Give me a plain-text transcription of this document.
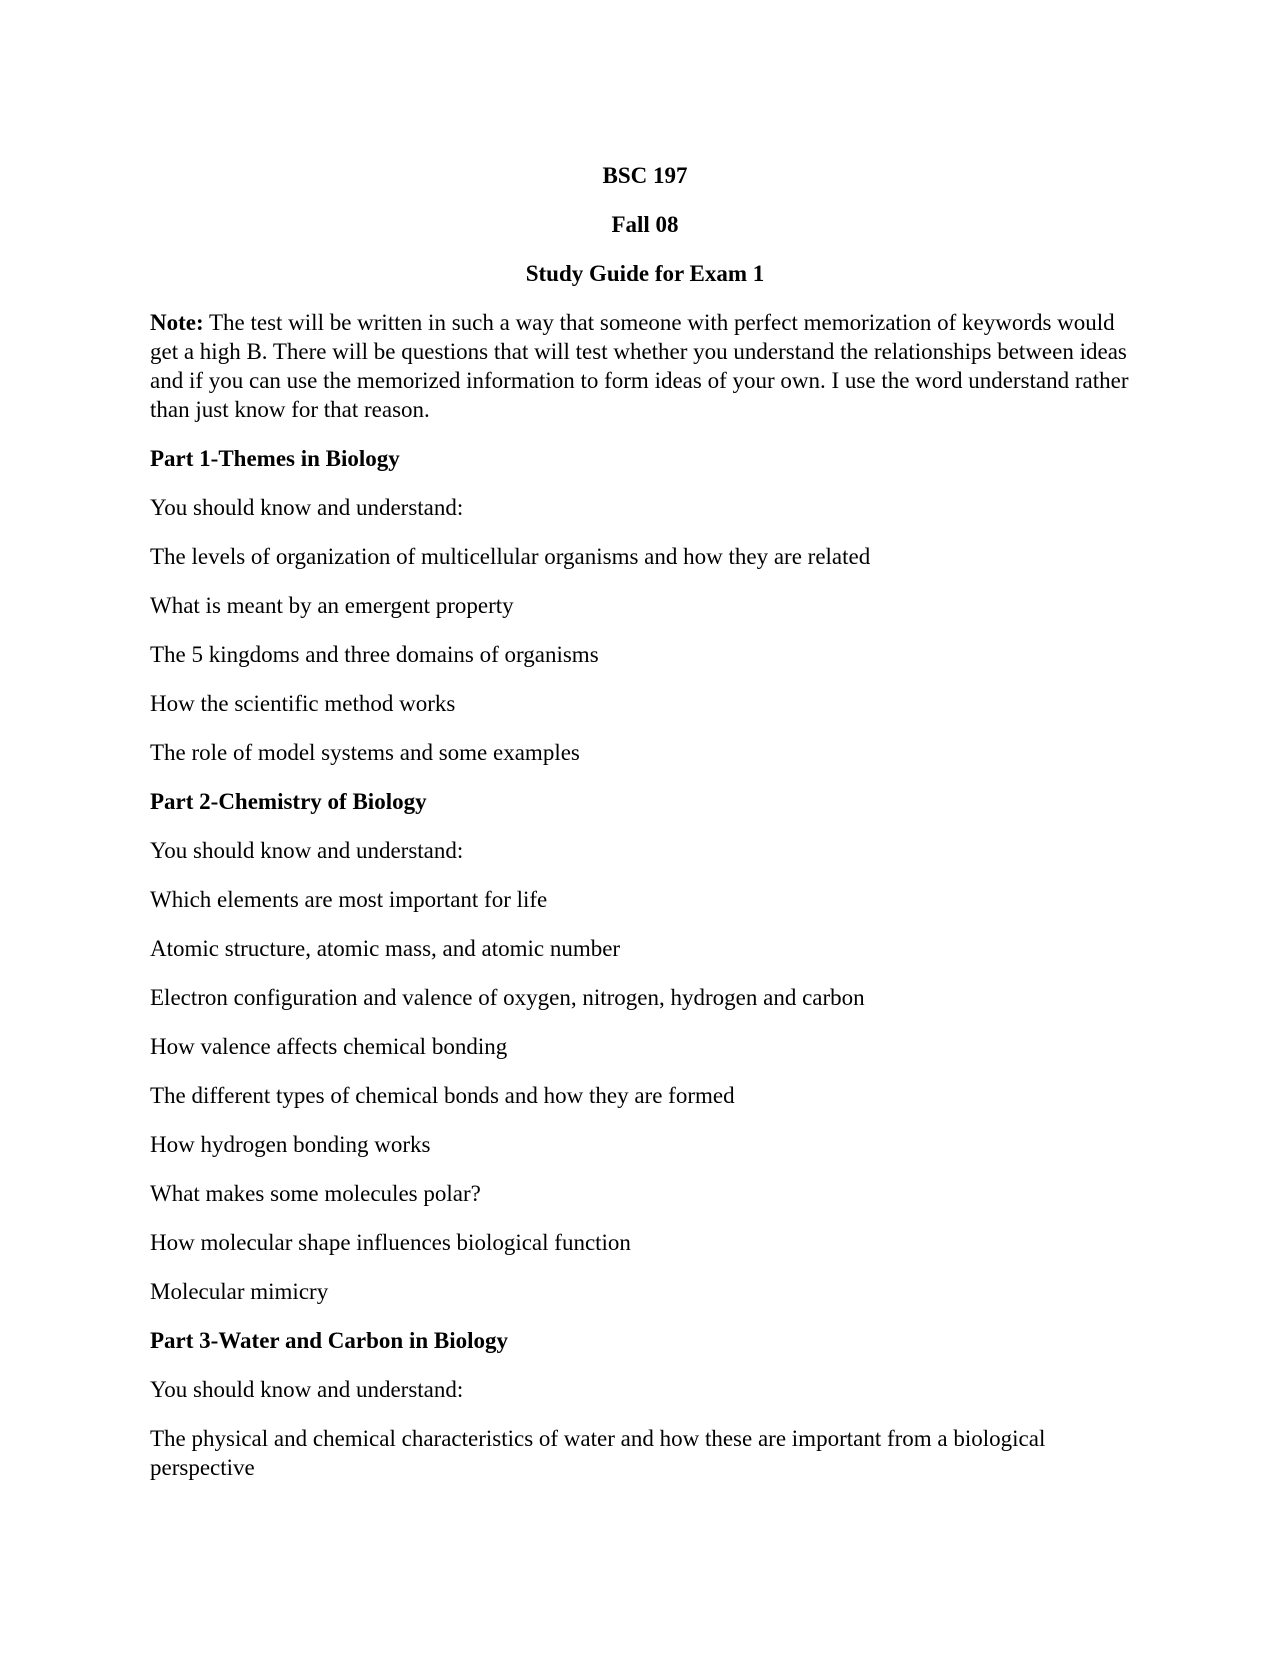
BSC 197
Fall 08
Study Guide for Exam 1

Note: The test will be written in such a way that someone with perfect memorization of keywords would get a high B. There will be questions that will test whether you understand the relationships between ideas and if you can use the memorized information to form ideas of your own. I use the word understand rather than just know for that reason.

Part 1-Themes in Biology
You should know and understand:
The levels of organization of multicellular organisms and how they are related
What is meant by an emergent property
The 5 kingdoms and three domains of organisms
How the scientific method works
The role of model systems and some examples
Part 2-Chemistry of Biology
You should know and understand:
Which elements are most important for life
Atomic structure, atomic mass, and atomic number
Electron configuration and valence of oxygen, nitrogen, hydrogen and carbon
How valence affects chemical bonding
The different types of chemical bonds and how they are formed
How hydrogen bonding works
What makes some molecules polar?
How molecular shape influences biological function
Molecular mimicry
Part 3-Water and Carbon in Biology
You should know and understand:
The physical and chemical characteristics of water and how these are important from a biological perspective
